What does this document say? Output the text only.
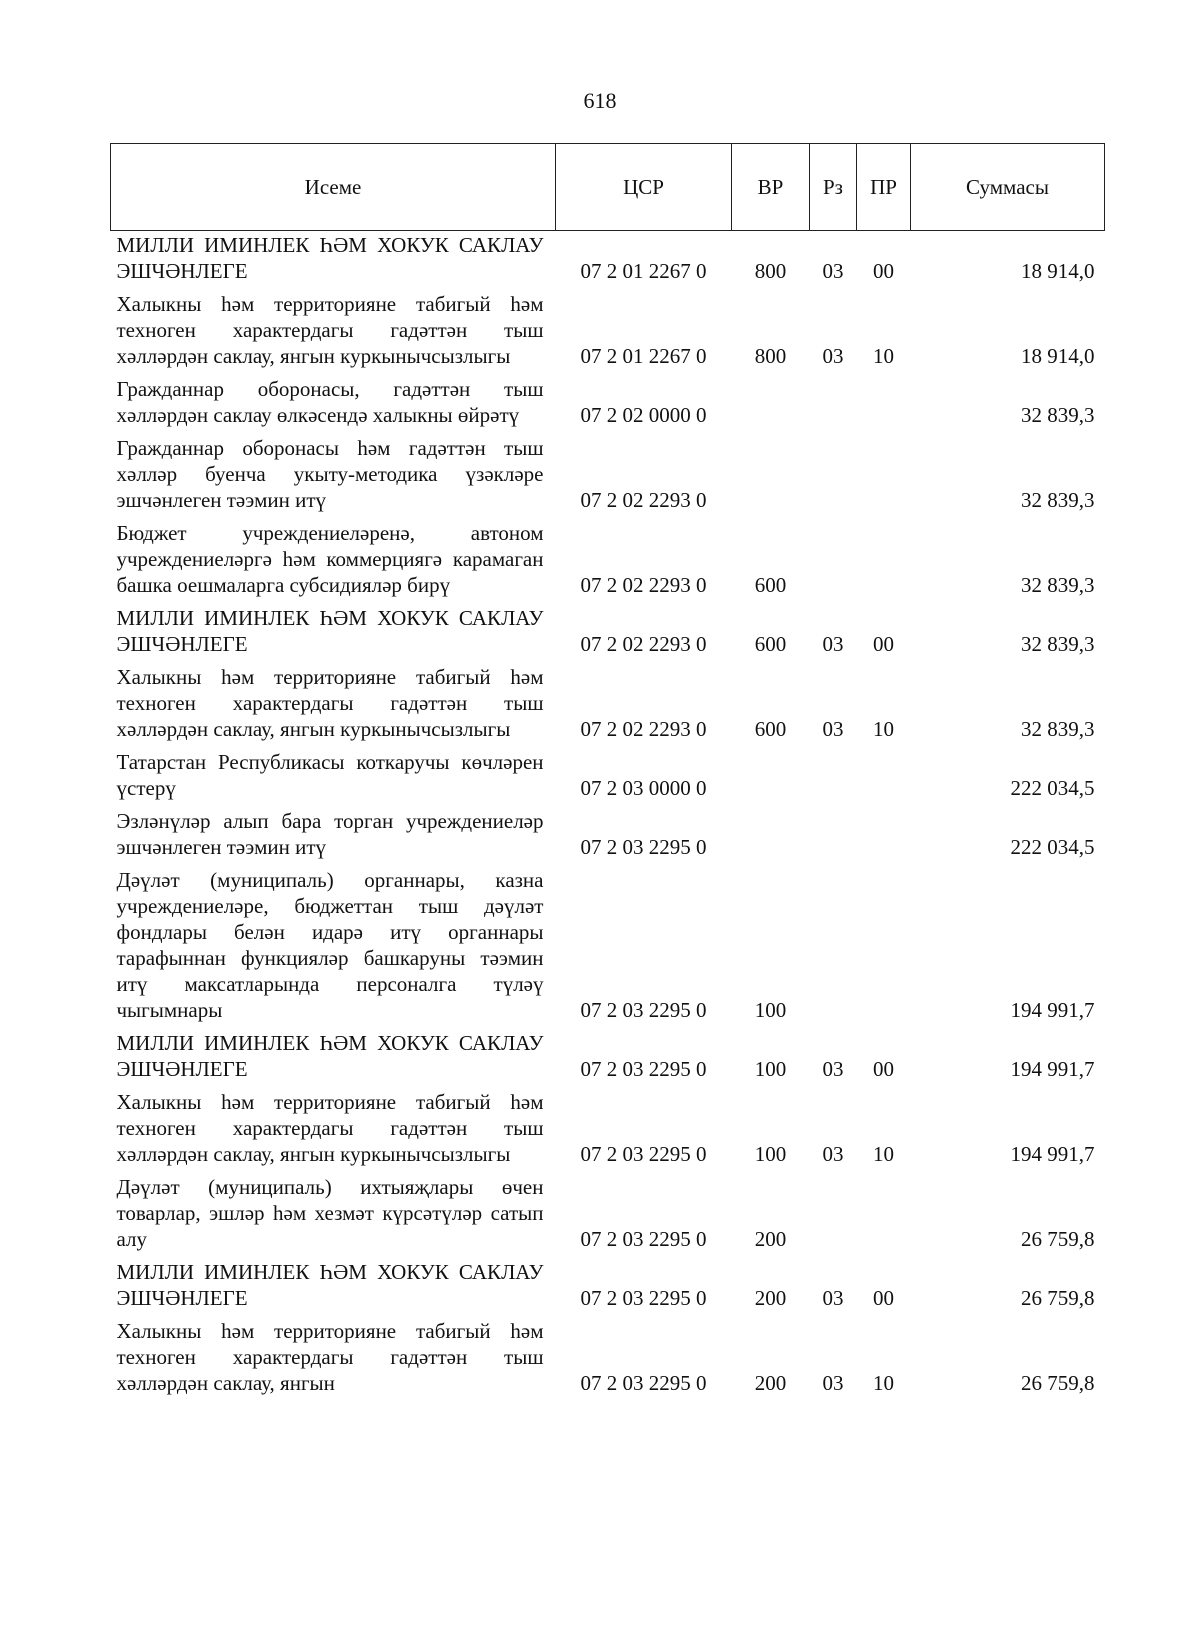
618
Исеме	ЦСР	ВР	Рз	ПР	Суммасы
МИЛЛИ ИМИНЛЕК ҺӘМ ХОКУК САКЛАУ ЭШЧӘНЛЕГЕ	07 2 01 2267 0	800	03	00	18 914,0
Халыкны һәм территорияне табигый һәм техноген характердагы гадәттән тыш хәлләрдән саклау, янгын куркынычсызлыгы	07 2 01 2267 0	800	03	10	18 914,0
Гражданнар оборонасы, гадәттән тыш хәлләрдән саклау өлкәсендә халыкны өйрәтү	07 2 02 0000 0				32 839,3
Гражданнар оборонасы һәм гадәттән тыш хәлләр буенча укыту-методика үзәкләре эшчәнлеген тәэмин итү	07 2 02 2293 0				32 839,3
Бюджет учреждениеләренә, автоном учреждениеләргә һәм коммерциягә карамаган башка оешмаларга субсидияләр бирү	07 2 02 2293 0	600			32 839,3
МИЛЛИ ИМИНЛЕК ҺӘМ ХОКУК САКЛАУ ЭШЧӘНЛЕГЕ	07 2 02 2293 0	600	03	00	32 839,3
Халыкны һәм территорияне табигый һәм техноген характердагы гадәттән тыш хәлләрдән саклау, янгын куркынычсызлыгы	07 2 02 2293 0	600	03	10	32 839,3
Татарстан Республикасы коткаручы көчләрен үстерү	07 2 03 0000 0				222 034,5
Эзләнүләр алып бара торган учреждениеләр эшчәнлеген тәэмин итү	07 2 03 2295 0				222 034,5
Дәүләт (муниципаль) органнары, казна учреждениеләре, бюджеттан тыш дәүләт фондлары белән идарә итү органнары тарафыннан функцияләр башкаруны тәэмин итү максатларында персоналга түләү чыгымнары	07 2 03 2295 0	100			194 991,7
МИЛЛИ ИМИНЛЕК ҺӘМ ХОКУК САКЛАУ ЭШЧӘНЛЕГЕ	07 2 03 2295 0	100	03	00	194 991,7
Халыкны һәм территорияне табигый һәм техноген характердагы гадәттән тыш хәлләрдән саклау, янгын куркынычсызлыгы	07 2 03 2295 0	100	03	10	194 991,7
Дәүләт (муниципаль) ихтыяҗлары өчен товарлар, эшләр һәм хезмәт күрсәтүләр сатып алу	07 2 03 2295 0	200			26 759,8
МИЛЛИ ИМИНЛЕК ҺӘМ ХОКУК САКЛАУ ЭШЧӘНЛЕГЕ	07 2 03 2295 0	200	03	00	26 759,8
Халыкны һәм территорияне табигый һәм техноген характердагы гадәттән тыш хәлләрдән саклау, янгын	07 2 03 2295 0	200	03	10	26 759,8
